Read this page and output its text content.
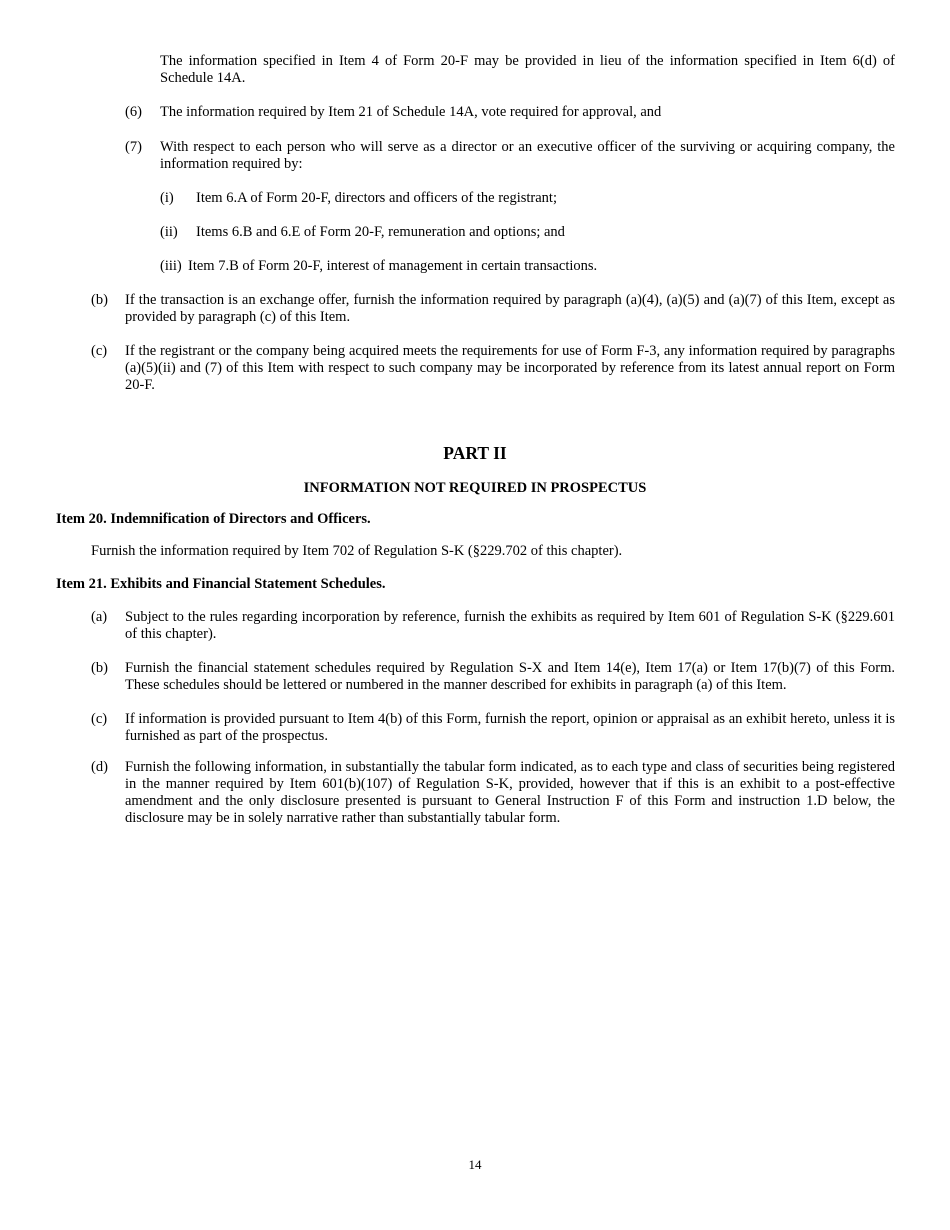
The information specified in Item 4 of Form 20-F may be provided in lieu of the information specified in Item 6(d) of Schedule 14A.
(6) The information required by Item 21 of Schedule 14A, vote required for approval, and
(7) With respect to each person who will serve as a director or an executive officer of the surviving or acquiring company, the information required by:
(i) Item 6.A of Form 20-F, directors and officers of the registrant;
(ii) Items 6.B and 6.E of Form 20-F, remuneration and options; and
(iii) Item 7.B of Form 20-F, interest of management in certain transactions.
(b) If the transaction is an exchange offer, furnish the information required by paragraph (a)(4), (a)(5) and (a)(7) of this Item, except as provided by paragraph (c) of this Item.
(c) If the registrant or the company being acquired meets the requirements for use of Form F-3, any information required by paragraphs (a)(5)(ii) and (7) of this Item with respect to such company may be incorporated by reference from its latest annual report on Form 20-F.
PART II
INFORMATION NOT REQUIRED IN PROSPECTUS
Item 20. Indemnification of Directors and Officers.
Furnish the information required by Item 702 of Regulation S-K (§229.702 of this chapter).
Item 21. Exhibits and Financial Statement Schedules.
(a) Subject to the rules regarding incorporation by reference, furnish the exhibits as required by Item 601 of Regulation S-K (§229.601 of this chapter).
(b) Furnish the financial statement schedules required by Regulation S-X and Item 14(e), Item 17(a) or Item 17(b)(7) of this Form. These schedules should be lettered or numbered in the manner described for exhibits in paragraph (a) of this Item.
(c) If information is provided pursuant to Item 4(b) of this Form, furnish the report, opinion or appraisal as an exhibit hereto, unless it is furnished as part of the prospectus.
(d) Furnish the following information, in substantially the tabular form indicated, as to each type and class of securities being registered in the manner required by Item 601(b)(107) of Regulation S-K, provided, however that if this is an exhibit to a post-effective amendment and the only disclosure presented is pursuant to General Instruction F of this Form and instruction 1.D below, the disclosure may be in solely narrative rather than substantially tabular form.
14
